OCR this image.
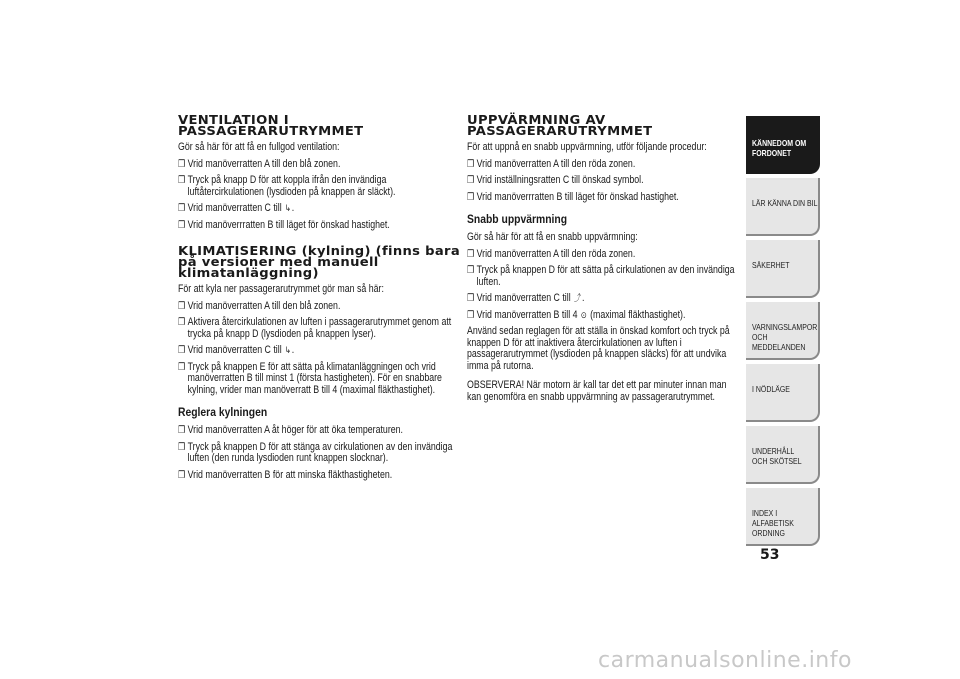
VENTILATION I PASSAGERARUTRYMMET
Gör så här för att få en fullgod ventilation:
❒ Vrid manöverratten A till den blå zonen.
❒ Tryck på knapp D för att koppla ifrån den invändiga luftåtercirkulationen (lysdioden på knappen är släckt).
❒ Vrid manöverratten C till ↳.
❒ Vrid manöverrratten B till läget för önskad hastighet.
KLIMATISERING (kylning) (finns bara på versioner med manuell klimatanläggning)
För att kyla ner passagerarutrymmet gör man så här:
❒ Vrid manöverratten A till den blå zonen.
❒ Aktivera återcirkulationen av luften i passagerarutrymmet genom att trycka på knapp D (lysdioden på knappen lyser).
❒ Vrid manöverratten C till ↳.
❒ Tryck på knappen E för att sätta på klimatanläggningen och vrid manöverratten B till minst 1 (första hastigheten). För en snabbare kylning, vrider man manöverratt B till 4 (maximal fläkthastighet).
Reglera kylningen
❒ Vrid manöverratten A åt höger för att öka temperaturen.
❒ Tryck på knappen D för att stänga av cirkulationen av den invändiga luften (den runda lysdioden runt knappen slocknar).
❒ Vrid manöverratten B för att minska fläkthastigheten.
UPPVÄRMNING AV PASSAGERARUTRYMMET
För att uppnå en snabb uppvärmning, utför följande procedur:
❒ Vrid manöverratten A till den röda zonen.
❒ Vrid inställningsratten C till önskad symbol.
❒ Vrid manöverrratten B till läget för önskad hastighet.
Snabb uppvärmning
Gör så här för att få en snabb uppvärmning:
❒ Vrid manöverratten A till den röda zonen.
❒ Tryck på knappen D för att sätta på cirkulationen av den invändiga luften.
❒ Vrid manöverratten C till ⤴.
❒ Vrid manöverratten B till 4 ⊙ (maximal fläkthastighet).
Använd sedan reglagen för att ställa in önskad komfort och tryck på knappen D för att inaktivera återcirkulationen av luften i passagerarutrymmet (lysdioden på knappen släcks) för att undvika imma på rutorna.
OBSERVERA! När motorn är kall tar det ett par minuter innan man kan genomföra en snabb uppvärmning av passagerarutrymmet.
KÄNNEDOM OM FORDONET
LÄR KÄNNA DIN BIL
SÄKERHET
VARNINGSLAMPOR OCH MEDDELANDEN
I NÖDLÄGE
UNDERHÅLL OCH SKÖTSEL
INDEX I ALFABETISK ORDNING
53
carmanualsonline.info
